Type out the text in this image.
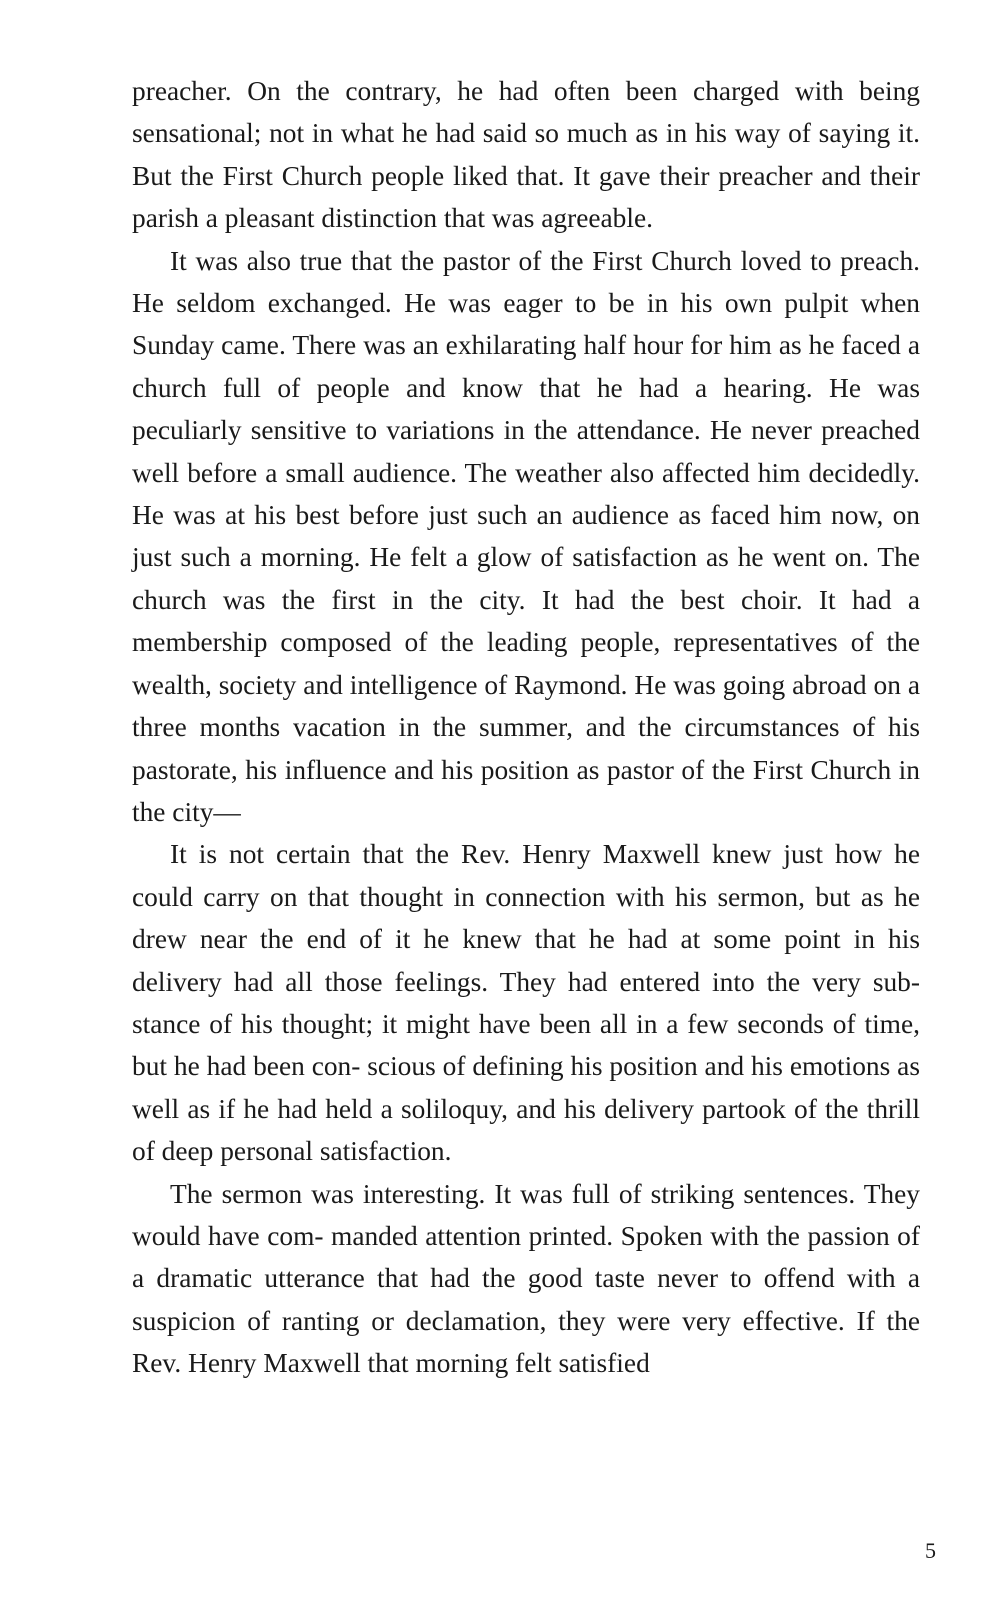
preacher. On the contrary, he had often been charged with being sensational; not in what he had said so much as in his way of saying it. But the First Church people liked that. It gave their preacher and their parish a pleasant distinction that was agreeable.

It was also true that the pastor of the First Church loved to preach. He seldom exchanged. He was eager to be in his own pulpit when Sunday came. There was an exhilarating half hour for him as he faced a church full of people and know that he had a hearing. He was peculiarly sensitive to variations in the attendance. He never preached well before a small audience. The weather also affected him decidedly. He was at his best before just such an audience as faced him now, on just such a morning. He felt a glow of satisfaction as he went on. The church was the first in the city. It had the best choir. It had a membership composed of the leading people, representatives of the wealth, society and intelligence of Raymond. He was going abroad on a three months vacation in the summer, and the circumstances of his pastorate, his influence and his position as pastor of the First Church in the city—

It is not certain that the Rev. Henry Maxwell knew just how he could carry on that thought in connection with his sermon, but as he drew near the end of it he knew that he had at some point in his delivery had all those feelings. They had entered into the very sub- stance of his thought; it might have been all in a few seconds of time, but he had been con- scious of defining his position and his emotions as well as if he had held a soliloquy, and his delivery partook of the thrill of deep personal satisfaction.

The sermon was interesting. It was full of striking sentences. They would have com- manded attention printed. Spoken with the passion of a dramatic utterance that had the good taste never to offend with a suspicion of ranting or declamation, they were very effective. If the Rev. Henry Maxwell that morning felt satisfied

5
